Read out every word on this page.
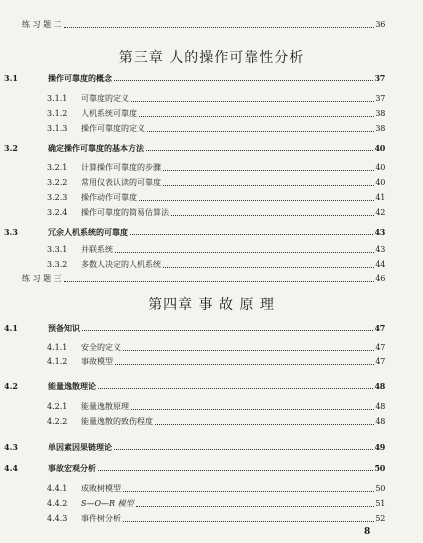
练 习 题 二	36
第三章 人的操作可靠性分析
3.1	操作可靠度的概念	37
3.1.1	可靠度的定义	37
3.1.2	人机系统可靠度	38
3.1.3	操作可靠度的定义	38
3.2	确定操作可靠度的基本方法	40
3.2.1	计算操作可靠度的步骤	40
3.2.2	常用仪表认读的可靠度	40
3.2.3	操作动作可靠度	41
3.2.4	操作可靠度的简易估算法	42
3.3	冗余人机系统的可靠度	43
3.3.1	并联系统	43
3.3.2	多数人决定的人机系统	44
练 习 题 三	46
第四章 事 故 原 理
4.1	预备知识	47
4.1.1	安全的定义	47
4.1.2	事故模型	47
4.2	能量逸散理论	48
4.2.1	能量逸散原理	48
4.2.2	能量逸散的致伤程度	48
4.3	单因素因果链理论	49
4.4	事故宏观分析	50
4.4.1	成败树模型	50
4.4.2	S—O—R 模型	51
4.4.3	事件树分析	52
8
